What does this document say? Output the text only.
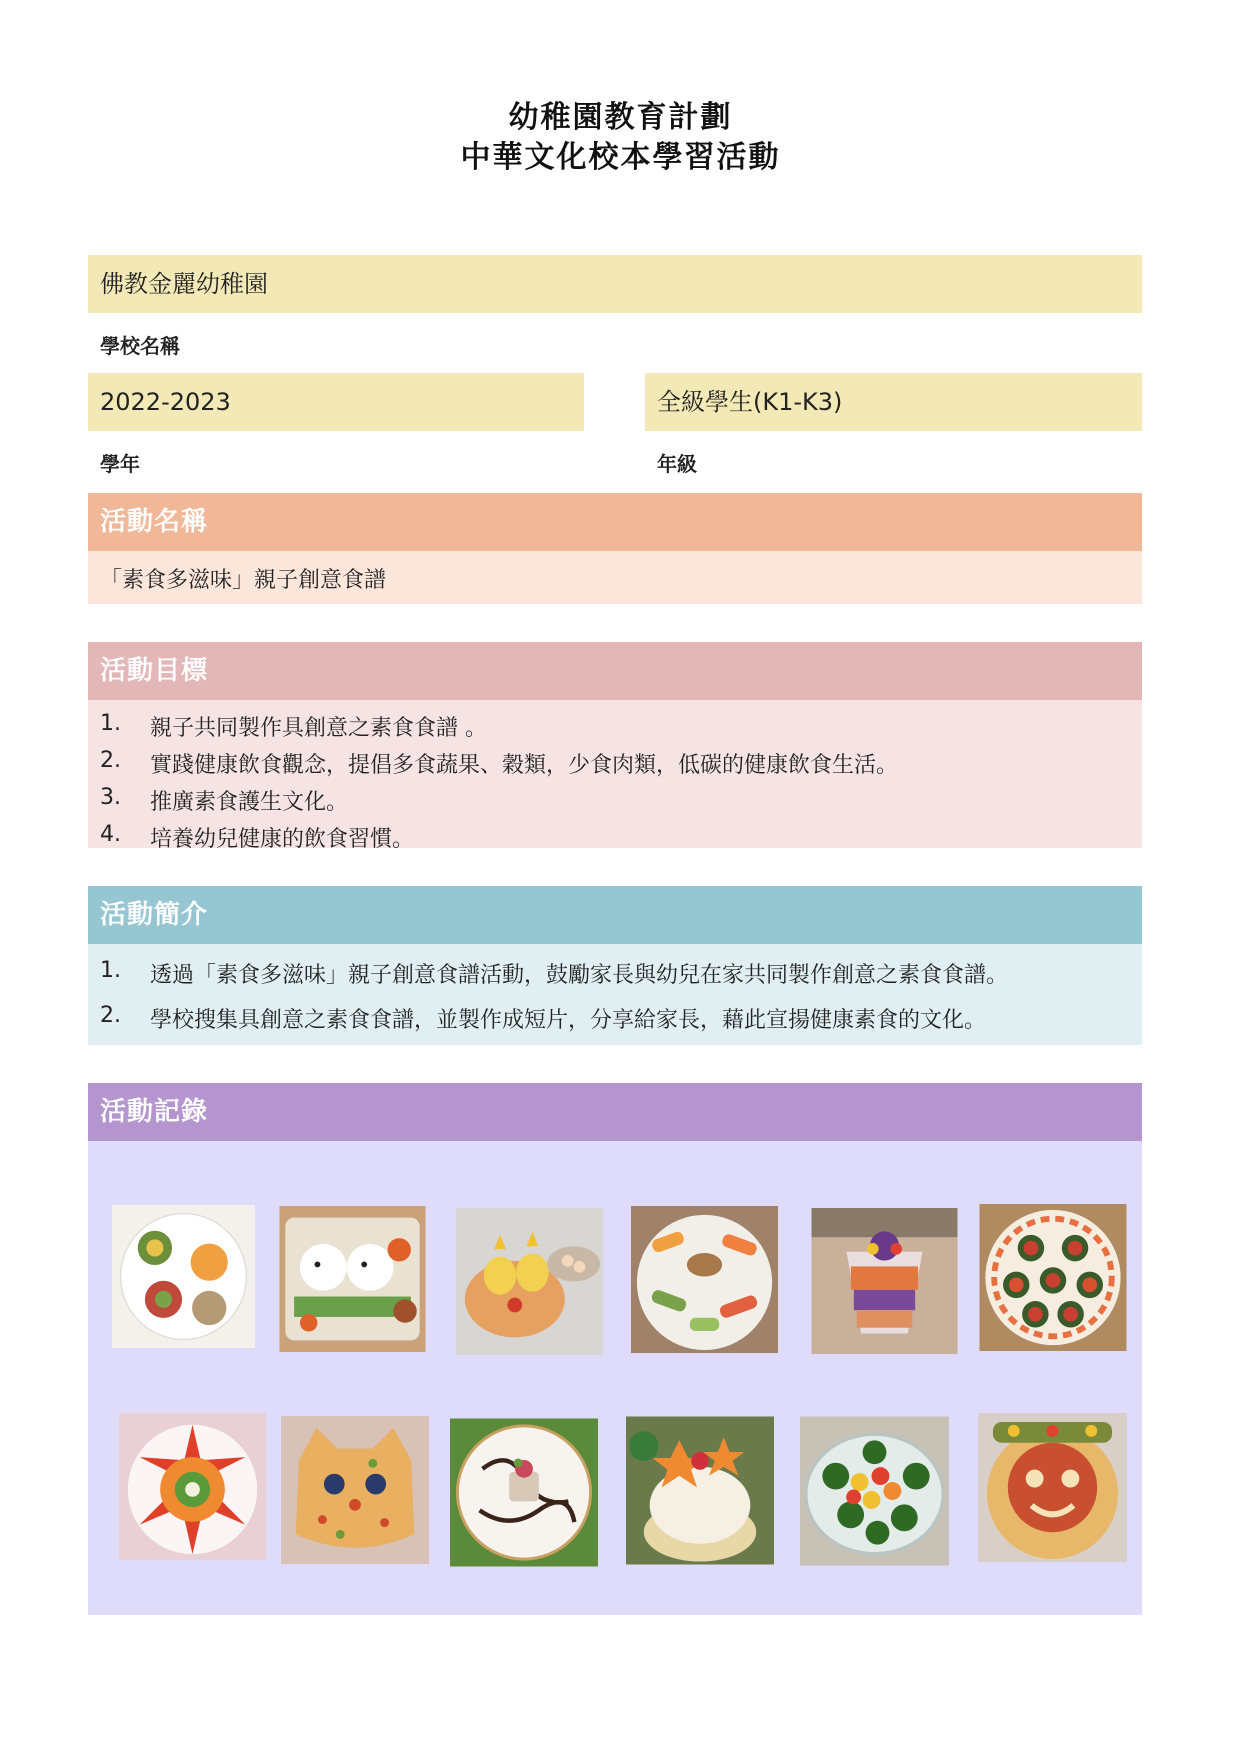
幼稚園教育計劃
中華文化校本學習活動
佛教金麗幼稚園
學校名稱
2022-2023
學年
全級學生(K1-K3)
年級
活動名稱
「素食多滋味」親子創意食譜
活動目標
1.	親子共同製作具創意之素食食譜 。
2.	實踐健康飲食觀念，提倡多食蔬果、穀類，少食肉類，低碳的健康飲食生活。
3.	推廣素食護生文化。
4.	培養幼兒健康的飲食習慣。
活動簡介
1.	透過「素食多滋味」親子創意食譜活動，鼓勵家長與幼兒在家共同製作創意之素食食譜。
2.	學校搜集具創意之素食食譜，並製作成短片，分享給家長，藉此宣揚健康素食的文化。
活動記錄
